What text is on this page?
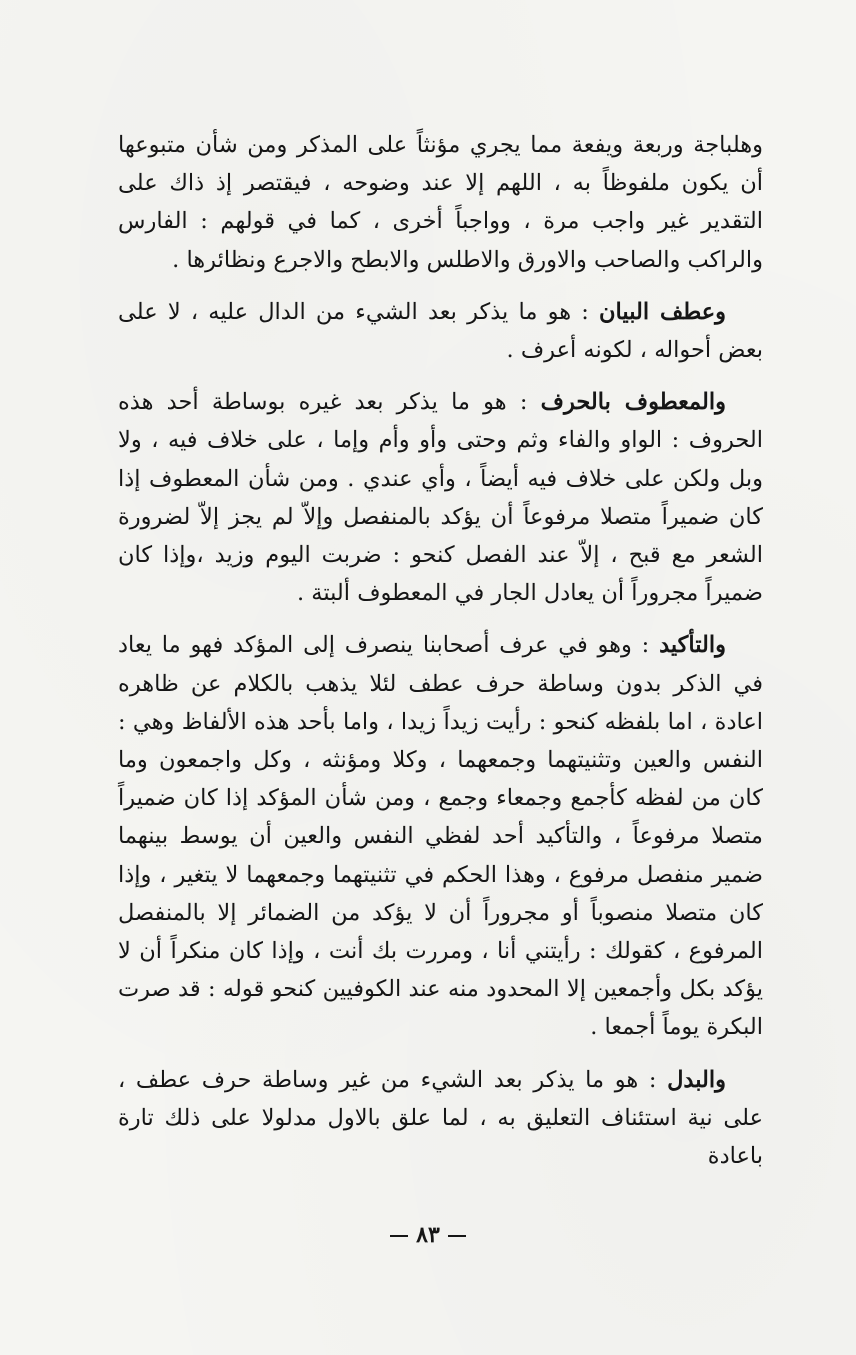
وهلباجة وربعة ويفعة مما يجري مؤنثاً على المذكر ومن شأن متبوعها أن يكون ملفوظاً به ، اللهم إلا عند وضوحه ، فيقتصر إذ ذاك على التقدير غير واجب مرة ، وواجباً أخرى ، كما في قولهم : الفارس والراكب والصاحب والاورق والاطلس والابطح والاجرع ونظائرها .

وعطف البيان : هو ما يذكر بعد الشيء من الدال عليه ، لا على بعض أحواله ، لكونه أعرف .

والمعطوف بالحرف : هو ما يذكر بعد غيره بوساطة أحد هذه الحروف : الواو والفاء وثم وحتى وأو وأم وإما ، على خلاف فيه ، ولا وبل ولكن على خلاف فيه أيضاً ، وأي عندي . ومن شأن المعطوف إذا كان ضميراً متصلا مرفوعاً أن يؤكد بالمنفصل وإلاّ لم يجز إلاّ لضرورة الشعر مع قبح ، إلاّ عند الفصل كنحو : ضربت اليوم وزيد ،وإذا كان ضميراً مجروراً أن يعادل الجار في المعطوف ألبتة .

والتأكيد : وهو في عرف أصحابنا ينصرف إلى المؤكد فهو ما يعاد في الذكر بدون وساطة حرف عطف لئلا يذهب بالكلام عن ظاهره اعادة ، اما بلفظه كنحو : رأيت زيداً زيدا ، واما بأحد هذه الألفاظ وهي : النفس والعين وتثنيتهما وجمعهما ، وكلا ومؤنثه ، وكل واجمعون وما كان من لفظه كأجمع وجمعاء وجمع ، ومن شأن المؤكد إذا كان ضميراً متصلا مرفوعاً ، والتأكيد أحد لفظي النفس والعين أن يوسط بينهما ضمير منفصل مرفوع ، وهذا الحكم في تثنيتهما وجمعهما لا يتغير ، وإذا كان متصلا منصوباً أو مجروراً أن لا يؤكد من الضمائر إلا بالمنفصل المرفوع ، كقولك : رأيتني أنا ، ومررت بك أنت ، وإذا كان منكراً أن لا يؤكد بكل وأجمعين إلا المحدود منه عند الكوفيين كنحو قوله : قد صرت البكرة يوماً أجمعا .

والبدل : هو ما يذكر بعد الشيء من غير وساطة حرف عطف ، على نية استئناف التعليق به ، لما علق بالاول مدلولا على ذلك تارة باعادة

٨٣
